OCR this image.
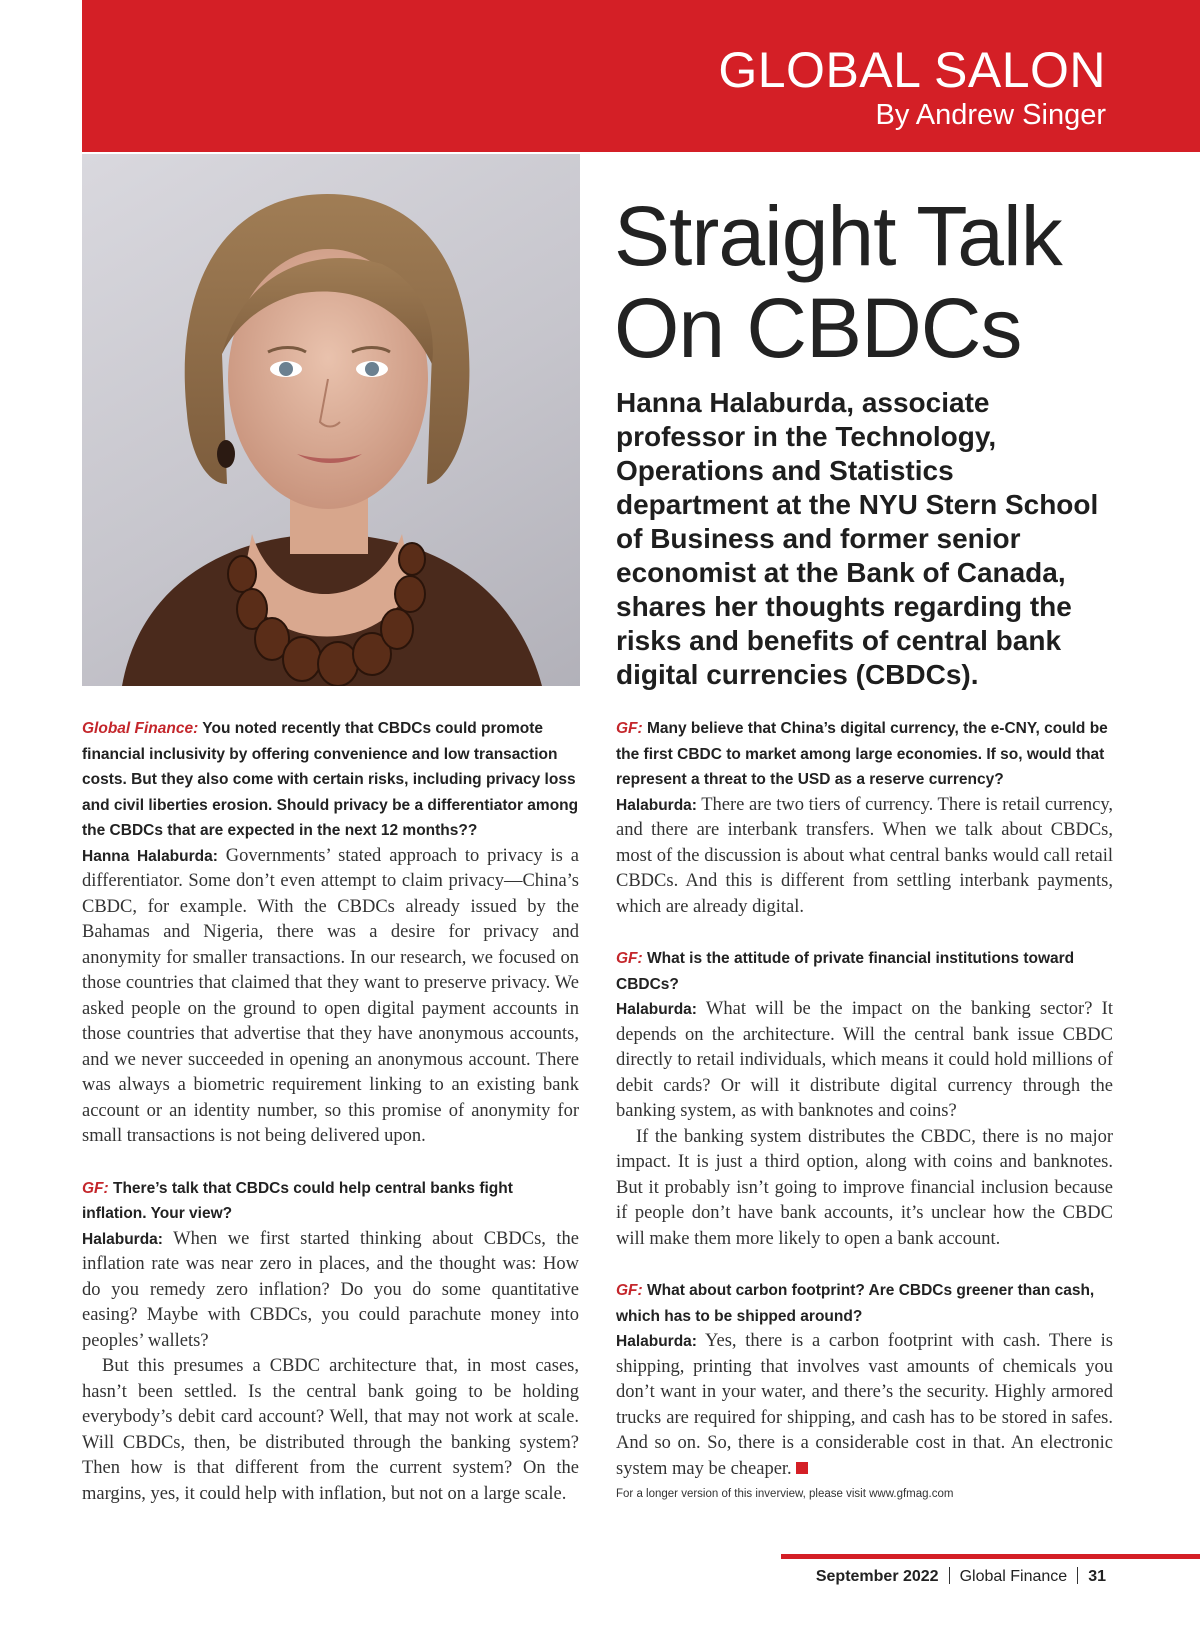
GLOBAL SALON

By Andrew Singer

Straight Talk
On CBDCs

Hanna Halaburda, associate professor in the Technology, Operations and Statistics department at the NYU Stern School of Business and former senior economist at the Bank of Canada, shares her thoughts regarding the risks and benefits of central bank digital currencies (CBDCs).

Global Finance: You noted recently that CBDCs could promote financial inclusivity by offering convenience and low transaction costs. But they also come with certain risks, including privacy loss and civil liberties erosion. Should privacy be a differentiator among the CBDCs that are expected in the next 12 months??

Hanna Halaburda: Governments’ stated approach to privacy is a differentiator. Some don’t even attempt to claim privacy—China’s CBDC, for example. With the CBDCs already issued by the Bahamas and Nigeria, there was a desire for privacy and anonymity for smaller transactions. In our research, we focused on those countries that claimed that they want to preserve privacy. We asked people on the ground to open digital payment accounts in those countries that advertise that they have anonymous accounts, and we never succeeded in opening an anonymous account. There was always a biometric requirement linking to an existing bank account or an identity number, so this promise of anonymity for small transactions is not being delivered upon.

GF: There’s talk that CBDCs could help central banks fight inflation. Your view?

Halaburda: When we first started thinking about CBDCs, the inflation rate was near zero in places, and the thought was: How do you remedy zero inflation? Do you do some quantitative easing? Maybe with CBDCs, you could parachute money into peoples’ wallets?

But this presumes a CBDC architecture that, in most cases, hasn’t been settled. Is the central bank going to be holding everybody’s debit card account? Well, that may not work at scale. Will CBDCs, then, be distributed through the banking system? Then how is that different from the current system? On the margins, yes, it could help with inflation, but not on a large scale.

GF: Many believe that China’s digital currency, the e-CNY, could be the first CBDC to market among large economies. If so, would that represent a threat to the USD as a reserve currency?

Halaburda: There are two tiers of currency. There is retail currency, and there are interbank transfers. When we talk about CBDCs, most of the discussion is about what central banks would call retail CBDCs. And this is different from settling interbank payments, which are already digital.

GF: What is the attitude of private financial institutions toward CBDCs?

Halaburda: What will be the impact on the banking sector? It depends on the architecture. Will the central bank issue CBDC directly to retail individuals, which means it could hold millions of debit cards? Or will it distribute digital currency through the banking system, as with banknotes and coins?

If the banking system distributes the CBDC, there is no major impact. It is just a third option, along with coins and banknotes. But it probably isn’t going to improve financial inclusion because if people don’t have bank accounts, it’s unclear how the CBDC will make them more likely to open a bank account.

GF: What about carbon footprint? Are CBDCs greener than cash, which has to be shipped around?

Halaburda: Yes, there is a carbon footprint with cash. There is shipping, printing that involves vast amounts of chemicals you don’t want in your water, and there’s the security. Highly armored trucks are required for shipping, and cash has to be stored in safes. And so on. So, there is a considerable cost in that. An electronic system may be cheaper.

For a longer version of this inverview, please visit www.gfmag.com

September 2022 Global Finance 31
